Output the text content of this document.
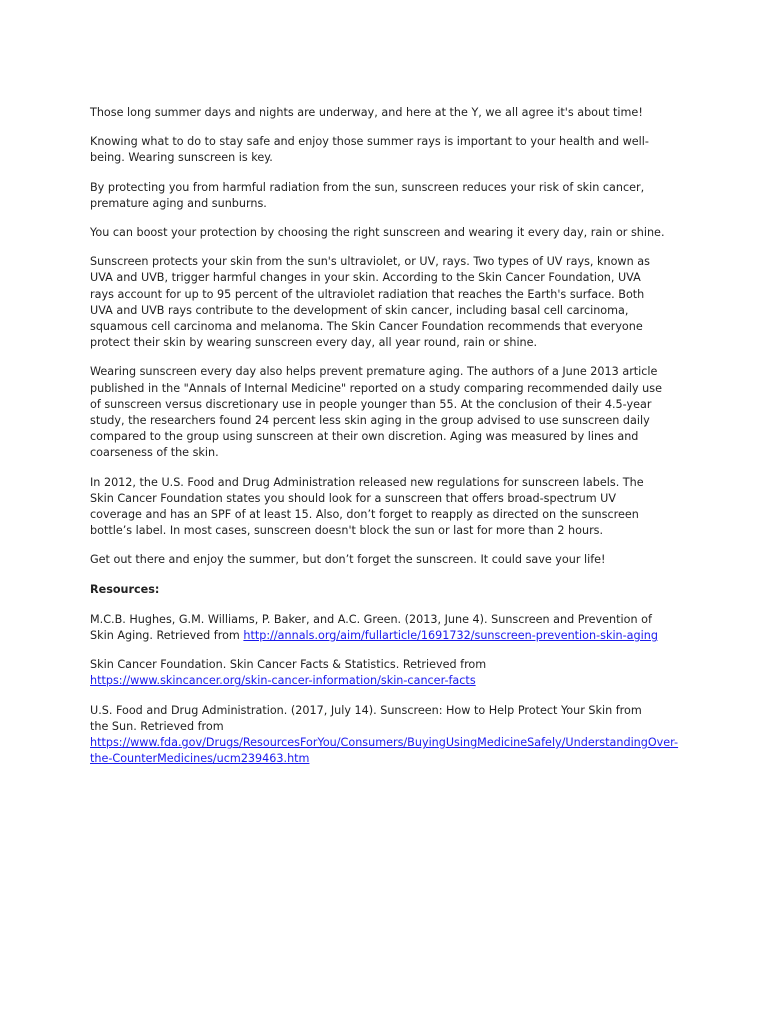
Those long summer days and nights are underway, and here at the Y, we all agree it's about time!

Knowing what to do to stay safe and enjoy those summer rays is important to your health and well-
being. Wearing sunscreen is key.

By protecting you from harmful radiation from the sun, sunscreen reduces your risk of skin cancer,
premature aging and sunburns.

You can boost your protection by choosing the right sunscreen and wearing it every day, rain or shine.

Sunscreen protects your skin from the sun's ultraviolet, or UV, rays. Two types of UV rays, known as
UVA and UVB, trigger harmful changes in your skin. According to the Skin Cancer Foundation, UVA
rays account for up to 95 percent of the ultraviolet radiation that reaches the Earth's surface. Both
UVA and UVB rays contribute to the development of skin cancer, including basal cell carcinoma,
squamous cell carcinoma and melanoma. The Skin Cancer Foundation recommends that everyone
protect their skin by wearing sunscreen every day, all year round, rain or shine.

Wearing sunscreen every day also helps prevent premature aging. The authors of a June 2013 article
published in the "Annals of Internal Medicine" reported on a study comparing recommended daily use
of sunscreen versus discretionary use in people younger than 55. At the conclusion of their 4.5-year
study, the researchers found 24 percent less skin aging in the group advised to use sunscreen daily
compared to the group using sunscreen at their own discretion. Aging was measured by lines and
coarseness of the skin.

In 2012, the U.S. Food and Drug Administration released new regulations for sunscreen labels. The
Skin Cancer Foundation states you should look for a sunscreen that offers broad-spectrum UV
coverage and has an SPF of at least 15. Also, don’t forget to reapply as directed on the sunscreen
bottle’s label. In most cases, sunscreen doesn't block the sun or last for more than 2 hours.

Get out there and enjoy the summer, but don’t forget the sunscreen. It could save your life!

Resources:

M.C.B. Hughes, G.M. Williams, P. Baker, and A.C. Green. (2013, June 4). Sunscreen and Prevention of
Skin Aging. Retrieved from http://annals.org/aim/fullarticle/1691732/sunscreen-prevention-skin-aging

Skin Cancer Foundation. Skin Cancer Facts & Statistics. Retrieved from
https://www.skincancer.org/skin-cancer-information/skin-cancer-facts

U.S. Food and Drug Administration. (2017, July 14). Sunscreen: How to Help Protect Your Skin from
the Sun. Retrieved from
https://www.fda.gov/Drugs/ResourcesForYou/Consumers/BuyingUsingMedicineSafely/UnderstandingOver-the-CounterMedicines/ucm239463.htm
